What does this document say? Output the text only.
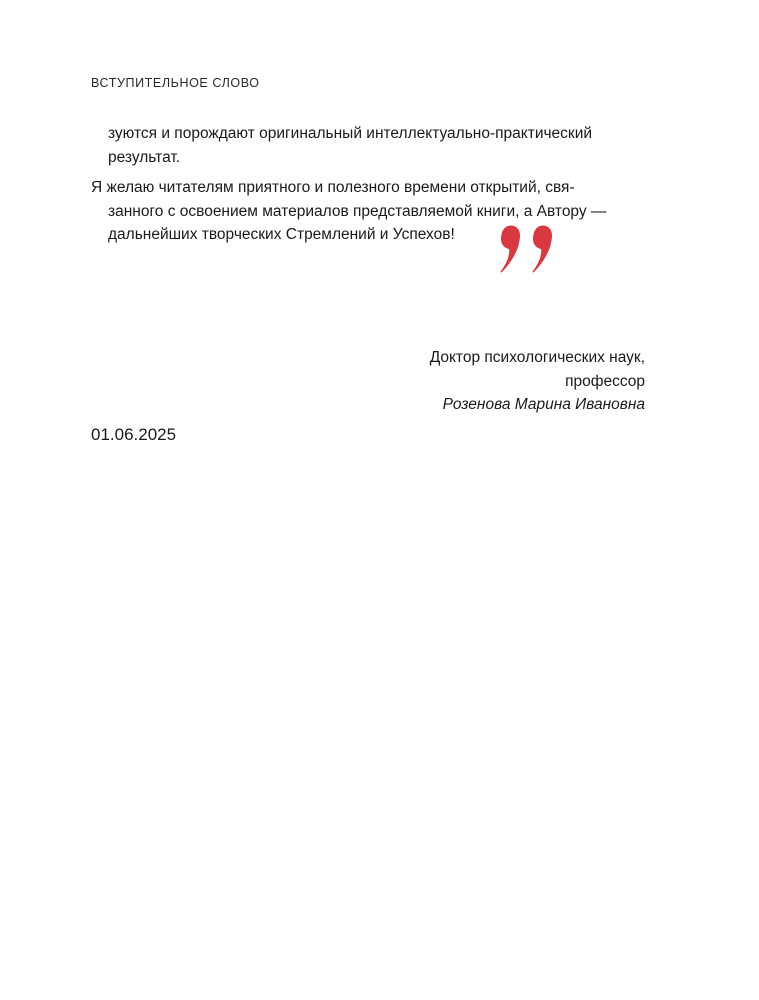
ВСТУПИТЕЛЬНОЕ СЛОВО
зуются и порождают оригинальный интеллектуально-практический
результат.
Я желаю читателям приятного и полезного времени открытий, свя-
занного с освоением материалов представляемой книги, а Автору —
дальнейших творческих Стремлений и Успехов!
Доктор психологических наук,
профессор
Розенова Марина Ивановна
01.06.2025
